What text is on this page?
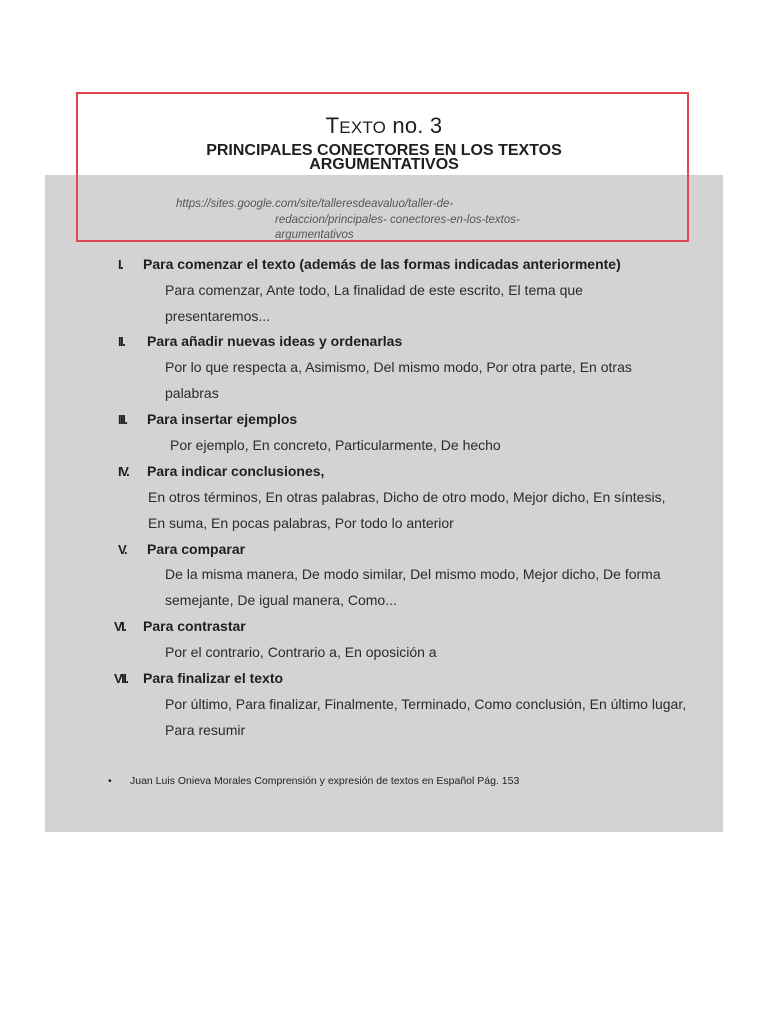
TEXTO no. 3
PRINCIPALES CONECTORES EN LOS TEXTOS ARGUMENTATIVOS
https://sites.google.com/site/talleresdeavaluo/taller-de-
redaccion/principales- conectores-en-los-textos-
argumentativos
I. Para comenzar el texto (además de las formas indicadas anteriormente)
Para comenzar, Ante todo, La finalidad de este escrito, El tema que presentaremos...
II. Para añadir nuevas ideas y ordenarlas
Por lo que respecta a, Asimismo, Del mismo modo, Por otra parte, En otras palabras
III. Para insertar ejemplos
Por ejemplo, En concreto, Particularmente, De hecho
IV. Para indicar conclusiones,
En otros términos, En otras palabras, Dicho de otro modo, Mejor dicho, En síntesis, En suma, En pocas palabras, Por todo lo anterior
V. Para comparar
De la misma manera, De modo similar, Del mismo modo, Mejor dicho, De forma semejante, De igual manera, Como...
VI. Para contrastar
Por el contrario, Contrario a, En oposición a
VII. Para finalizar el texto
Por último, Para finalizar, Finalmente, Terminado, Como conclusión, En último lugar, Para resumir
• Juan Luis Onieva Morales Comprensión y expresión de textos en Español Pág. 153
